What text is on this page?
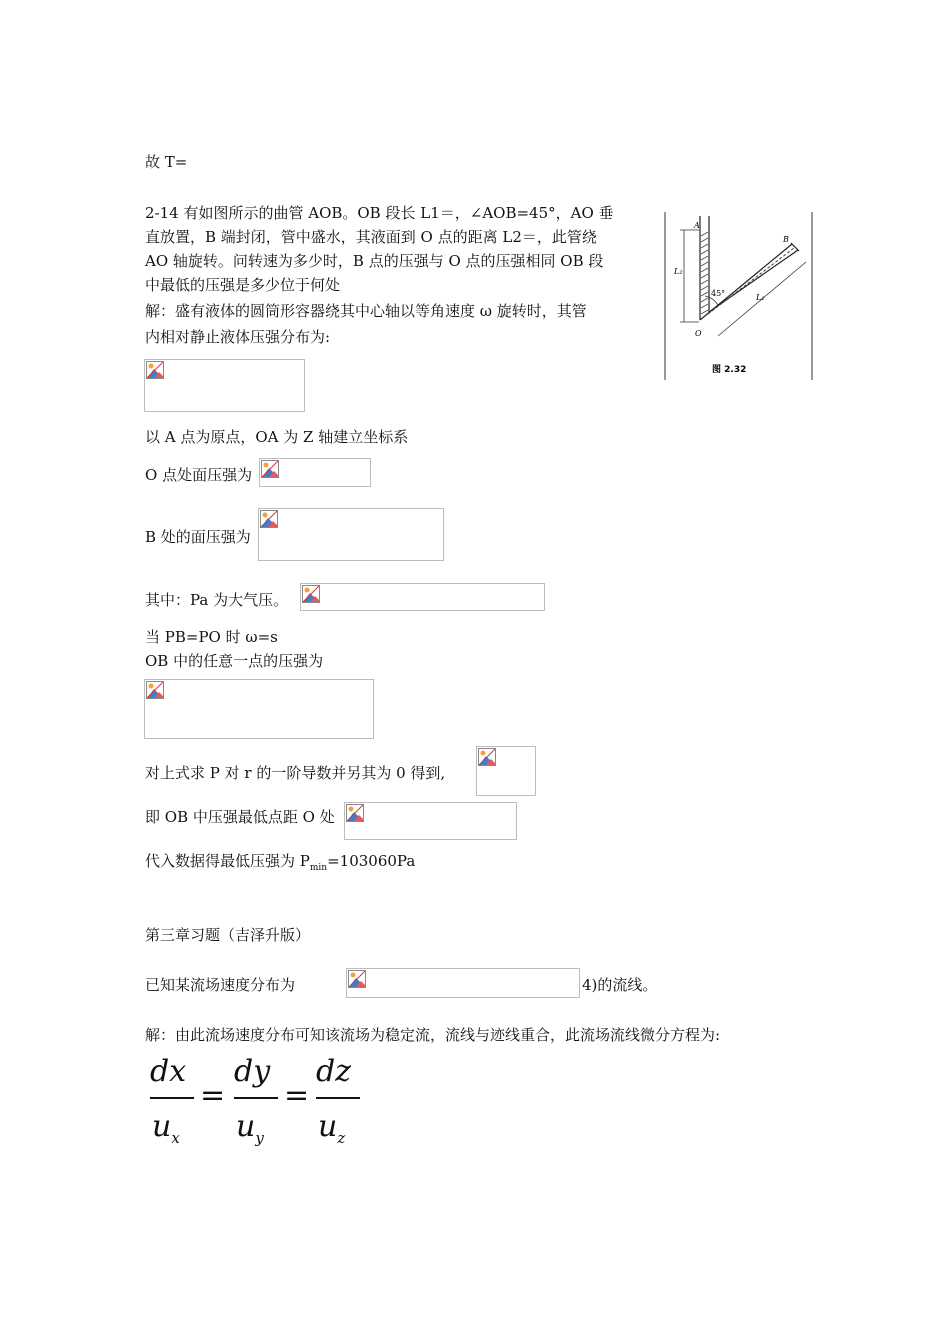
故 T=
2-14 有如图所示的曲管 AOB。OB 段长 L1＝，∠AOB=45°，AO 垂
直放置，B 端封闭，管中盛水，其液面到 O 点的距离 L2＝，此管绕
AO 轴旋转。问转速为多少时，B 点的压强与 O 点的压强相同 OB 段
中最低的压强是多少位于何处
解：盛有液体的圆筒形容器绕其中心轴以等角速度 ω 旋转时，其管
内相对静止液体压强分布为:
A
B
O
L₂
L₁
45°
图 2.32
以 A 点为原点，OA 为 Z 轴建立坐标系
O 点处面压强为
B 处的面压强为
其中：Pa 为大气压。
当 PB=PO 时 ω=s
OB 中的任意一点的压强为
对上式求 P 对 r 的一阶导数并另其为 0 得到,
即 OB 中压强最低点距 O 处
代入数据得最低压强为 $P_{min}=103060Pa$
第三章习题（吉泽升版）
已知某流场速度分布为	4)的流线。
解：由此流场速度分布可知该流场为稳定流，流线与迹线重合，此流场流线微分方程为:
dx
$u_x$
=
dy
$u_y$
=
dz
$u_z$
